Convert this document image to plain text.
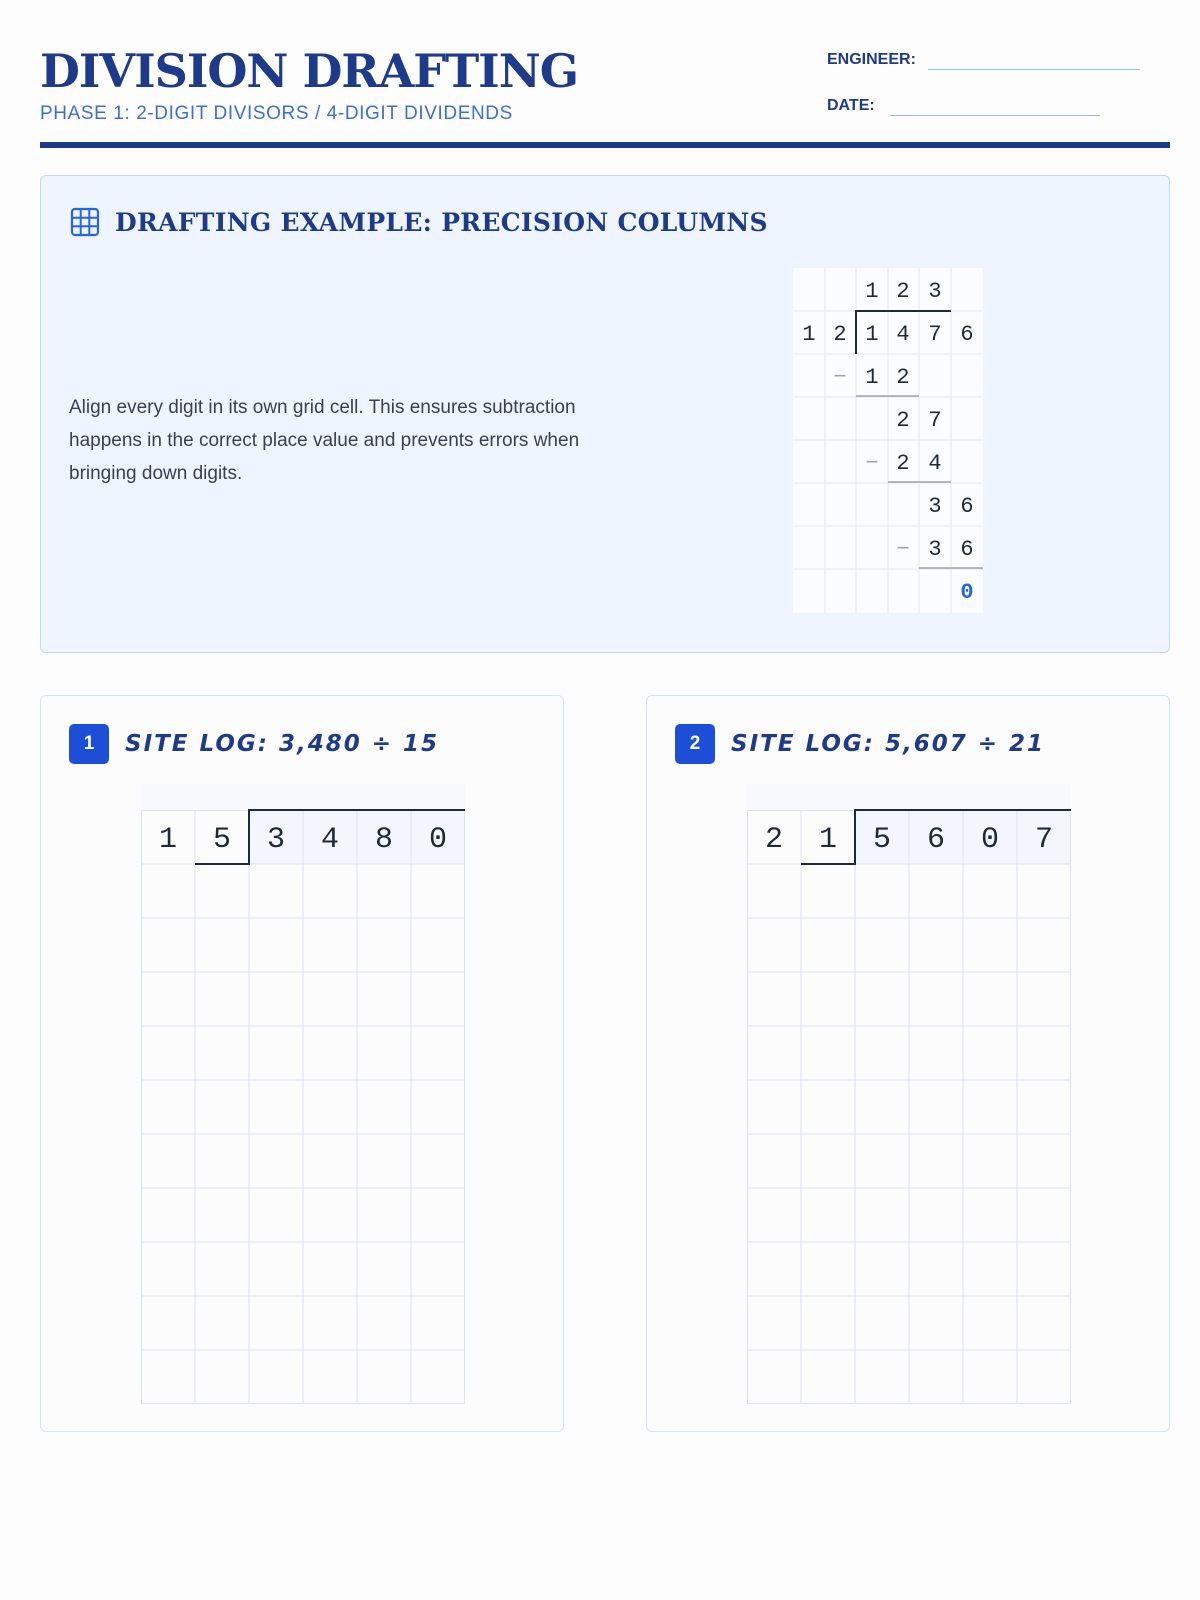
DIVISION DRAFTING
PHASE 1: 2-DIGIT DIVISORS / 4-DIGIT DIVIDENDS
ENGINEER:
DATE:
DRAFTING EXAMPLE: PRECISION COLUMNS

Align every digit in its own grid cell. This ensures subtraction happens in the correct place value and prevents errors when bringing down digits.

1 2 3
1 2 1 4 7 6
− 1 2
2 7
− 2 4
3 6
− 3 6
0
1	SITE LOG: 3,480 ÷ 15
1 5 3 4 8 0
2	SITE LOG: 5,607 ÷ 21
2 1 5 6 0 7
